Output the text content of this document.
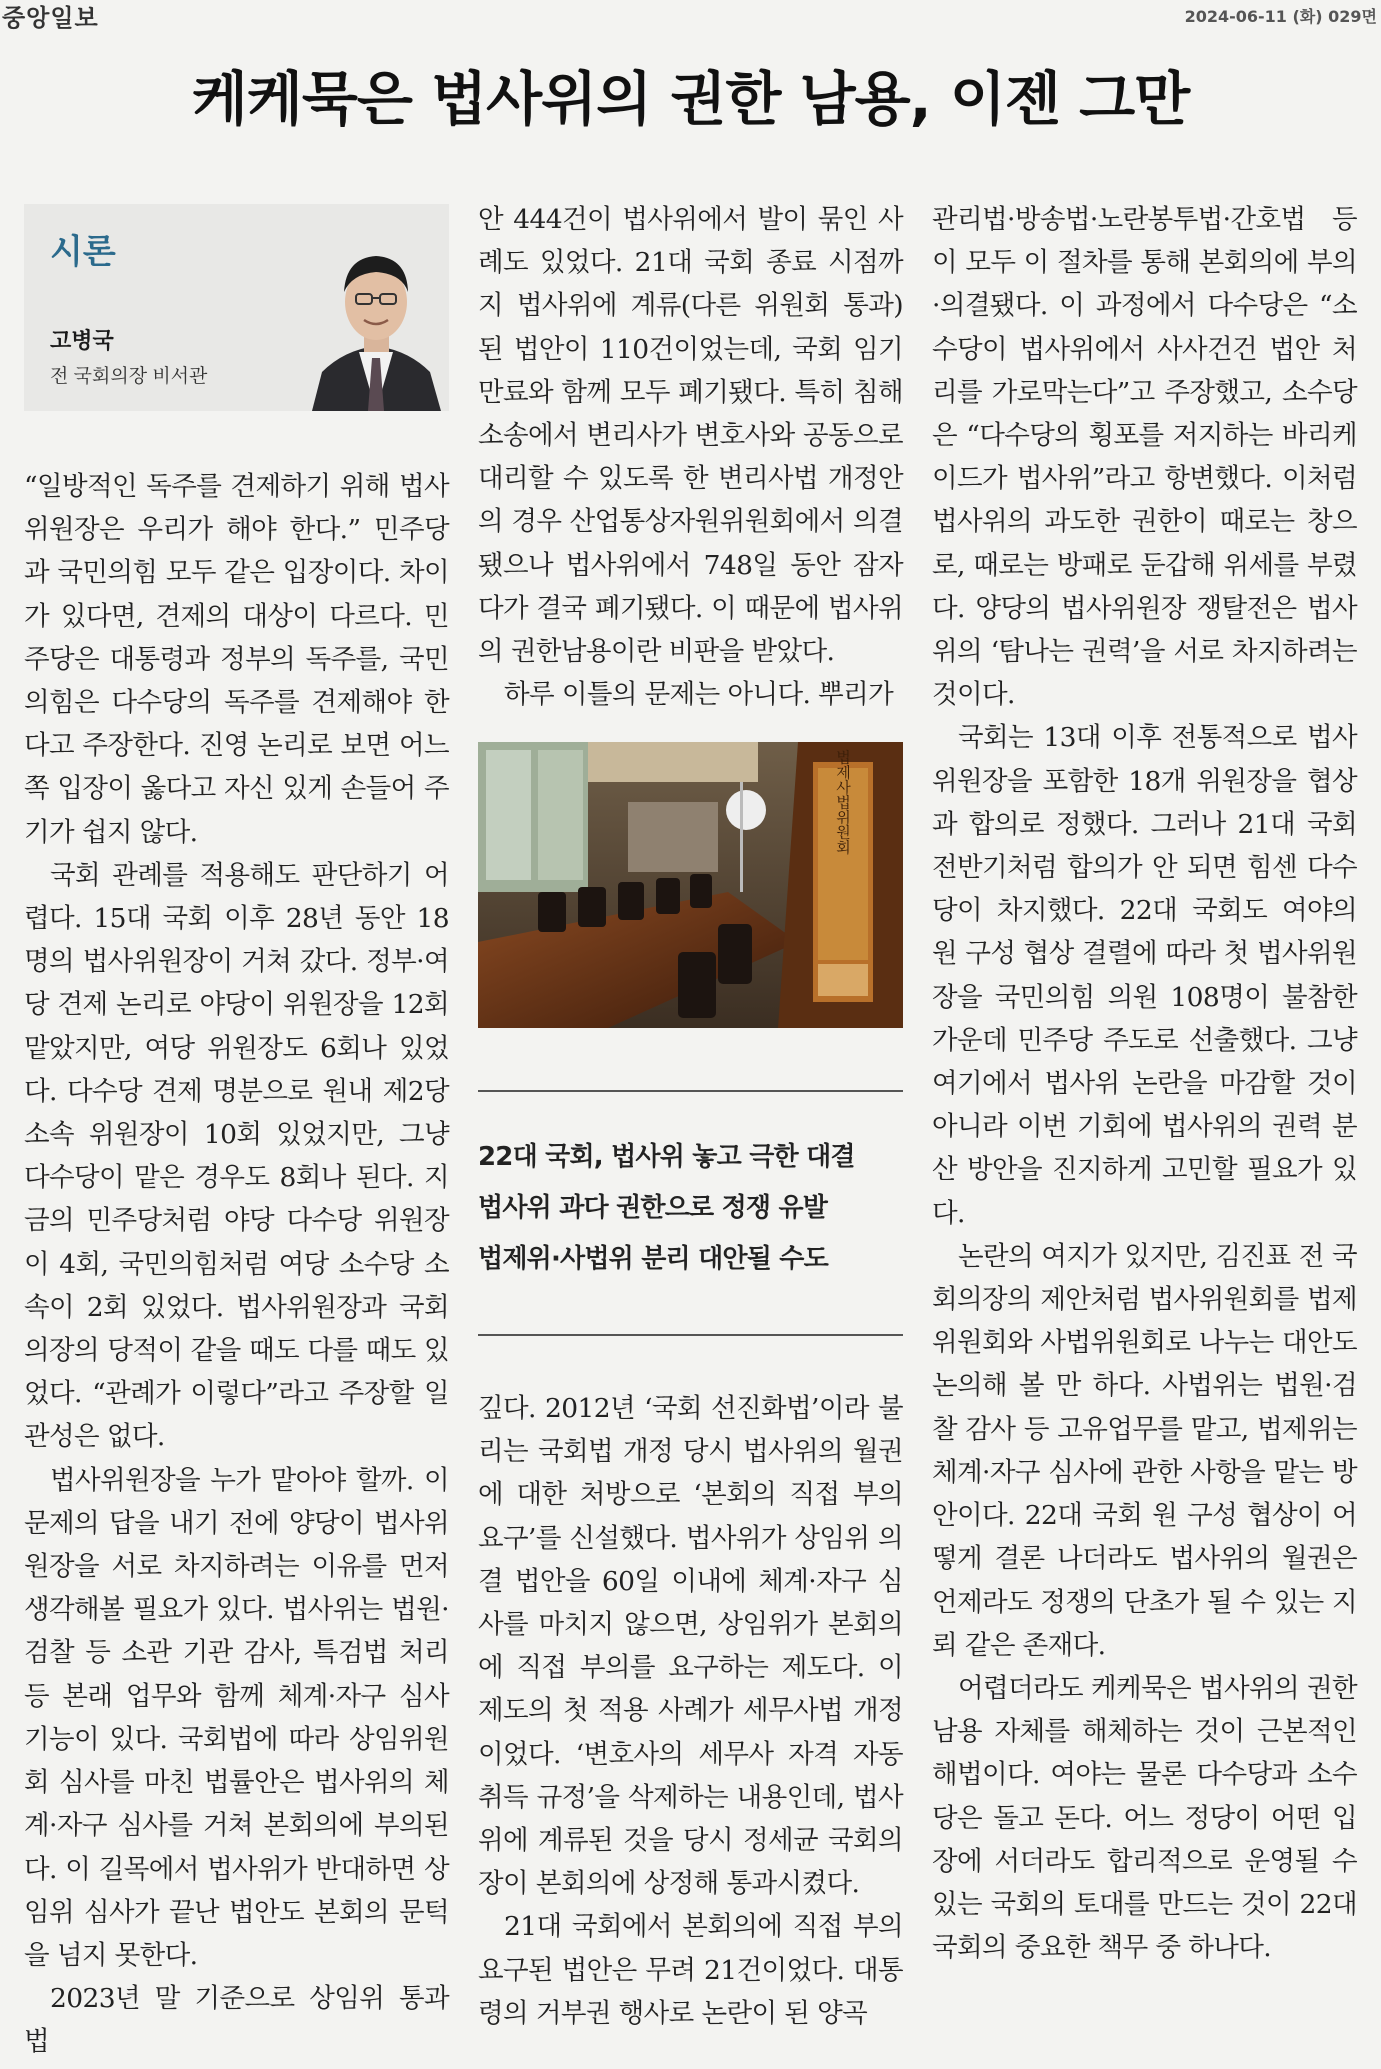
중앙일보	2024-06-11 (화) 029면
케케묵은 법사위의 권한 남용, 이젠 그만
시론
고병국
전 국회의장 비서관

“일방적인 독주를 견제하기 위해 법사위원장은 우리가 해야 한다.” 민주당과 국민의힘 모두 같은 입장이다. 차이가 있다면, 견제의 대상이 다르다. 민주당은 대통령과 정부의 독주를, 국민의힘은 다수당의 독주를 견제해야 한다고 주장한다. 진영 논리로 보면 어느 쪽 입장이 옳다고 자신 있게 손들어 주기가 쉽지 않다.

국회 관례를 적용해도 판단하기 어렵다. 15대 국회 이후 28년 동안 18명의 법사위원장이 거쳐 갔다. 정부·여당 견제 논리로 야당이 위원장을 12회 맡았지만, 여당 위원장도 6회나 있었다. 다수당 견제 명분으로 원내 제2당 소속 위원장이 10회 있었지만, 그냥 다수당이 맡은 경우도 8회나 된다. 지금의 민주당처럼 야당 다수당 위원장이 4회, 국민의힘처럼 여당 소수당 소속이 2회 있었다. 법사위원장과 국회의장의 당적이 같을 때도 다를 때도 있었다. “관례가 이렇다”라고 주장할 일관성은 없다.

법사위원장을 누가 맡아야 할까. 이 문제의 답을 내기 전에 양당이 법사위원장을 서로 차지하려는 이유를 먼저 생각해볼 필요가 있다. 법사위는 법원·검찰 등 소관 기관 감사, 특검법 처리 등 본래 업무와 함께 체계·자구 심사 기능이 있다. 국회법에 따라 상임위원회 심사를 마친 법률안은 법사위의 체계·자구 심사를 거쳐 본회의에 부의된다. 이 길목에서 법사위가 반대하면 상임위 심사가 끝난 법안도 본회의 문턱을 넘지 못한다.

2023년 말 기준으로 상임위 통과 법

안 444건이 법사위에서 발이 묶인 사례도 있었다. 21대 국회 종료 시점까지 법사위에 계류(다른 위원회 통과)된 법안이 110건이었는데, 국회 임기 만료와 함께 모두 폐기됐다. 특히 침해소송에서 변리사가 변호사와 공동으로 대리할 수 있도록 한 변리사법 개정안의 경우 산업통상자원위원회에서 의결됐으나 법사위에서 748일 동안 잠자다가 결국 폐기됐다. 이 때문에 법사위의 권한남용이란 비판을 받았다.

하루 이틀의 문제는 아니다. 뿌리가

법제사법위원회
22대 국회, 법사위 놓고 극한 대결
법사위 과다 권한으로 정쟁 유발
법제위·사법위 분리 대안될 수도

깊다. 2012년 ‘국회 선진화법’이라 불리는 국회법 개정 당시 법사위의 월권에 대한 처방으로 ‘본회의 직접 부의 요구’를 신설했다. 법사위가 상임위 의결 법안을 60일 이내에 체계·자구 심사를 마치지 않으면, 상임위가 본회의에 직접 부의를 요구하는 제도다. 이 제도의 첫 적용 사례가 세무사법 개정이었다. ‘변호사의 세무사 자격 자동 취득 규정’을 삭제하는 내용인데, 법사위에 계류된 것을 당시 정세균 국회의장이 본회의에 상정해 통과시켰다.

21대 국회에서 본회의에 직접 부의 요구된 법안은 무려 21건이었다. 대통령의 거부권 행사로 논란이 된 양곡

관리법·방송법·노란봉투법·간호법 등이 모두 이 절차를 통해 본회의에 부의·의결됐다. 이 과정에서 다수당은 “소수당이 법사위에서 사사건건 법안 처리를 가로막는다”고 주장했고, 소수당은 “다수당의 횡포를 저지하는 바리케이드가 법사위”라고 항변했다. 이처럼 법사위의 과도한 권한이 때로는 창으로, 때로는 방패로 둔갑해 위세를 부렸다. 양당의 법사위원장 쟁탈전은 법사위의 ‘탐나는 권력’을 서로 차지하려는 것이다.

국회는 13대 이후 전통적으로 법사위원장을 포함한 18개 위원장을 협상과 합의로 정했다. 그러나 21대 국회 전반기처럼 합의가 안 되면 힘센 다수당이 차지했다. 22대 국회도 여야의 원 구성 협상 결렬에 따라 첫 법사위원장을 국민의힘 의원 108명이 불참한 가운데 민주당 주도로 선출했다. 그냥 여기에서 법사위 논란을 마감할 것이 아니라 이번 기회에 법사위의 권력 분산 방안을 진지하게 고민할 필요가 있다.

논란의 여지가 있지만, 김진표 전 국회의장의 제안처럼 법사위원회를 법제위원회와 사법위원회로 나누는 대안도 논의해 볼 만 하다. 사법위는 법원·검찰 감사 등 고유업무를 맡고, 법제위는 체계·자구 심사에 관한 사항을 맡는 방안이다. 22대 국회 원 구성 협상이 어떻게 결론 나더라도 법사위의 월권은 언제라도 정쟁의 단초가 될 수 있는 지뢰 같은 존재다.

어렵더라도 케케묵은 법사위의 권한남용 자체를 해체하는 것이 근본적인 해법이다. 여야는 물론 다수당과 소수당은 돌고 돈다. 어느 정당이 어떤 입장에 서더라도 합리적으로 운영될 수 있는 국회의 토대를 만드는 것이 22대 국회의 중요한 책무 중 하나다.
